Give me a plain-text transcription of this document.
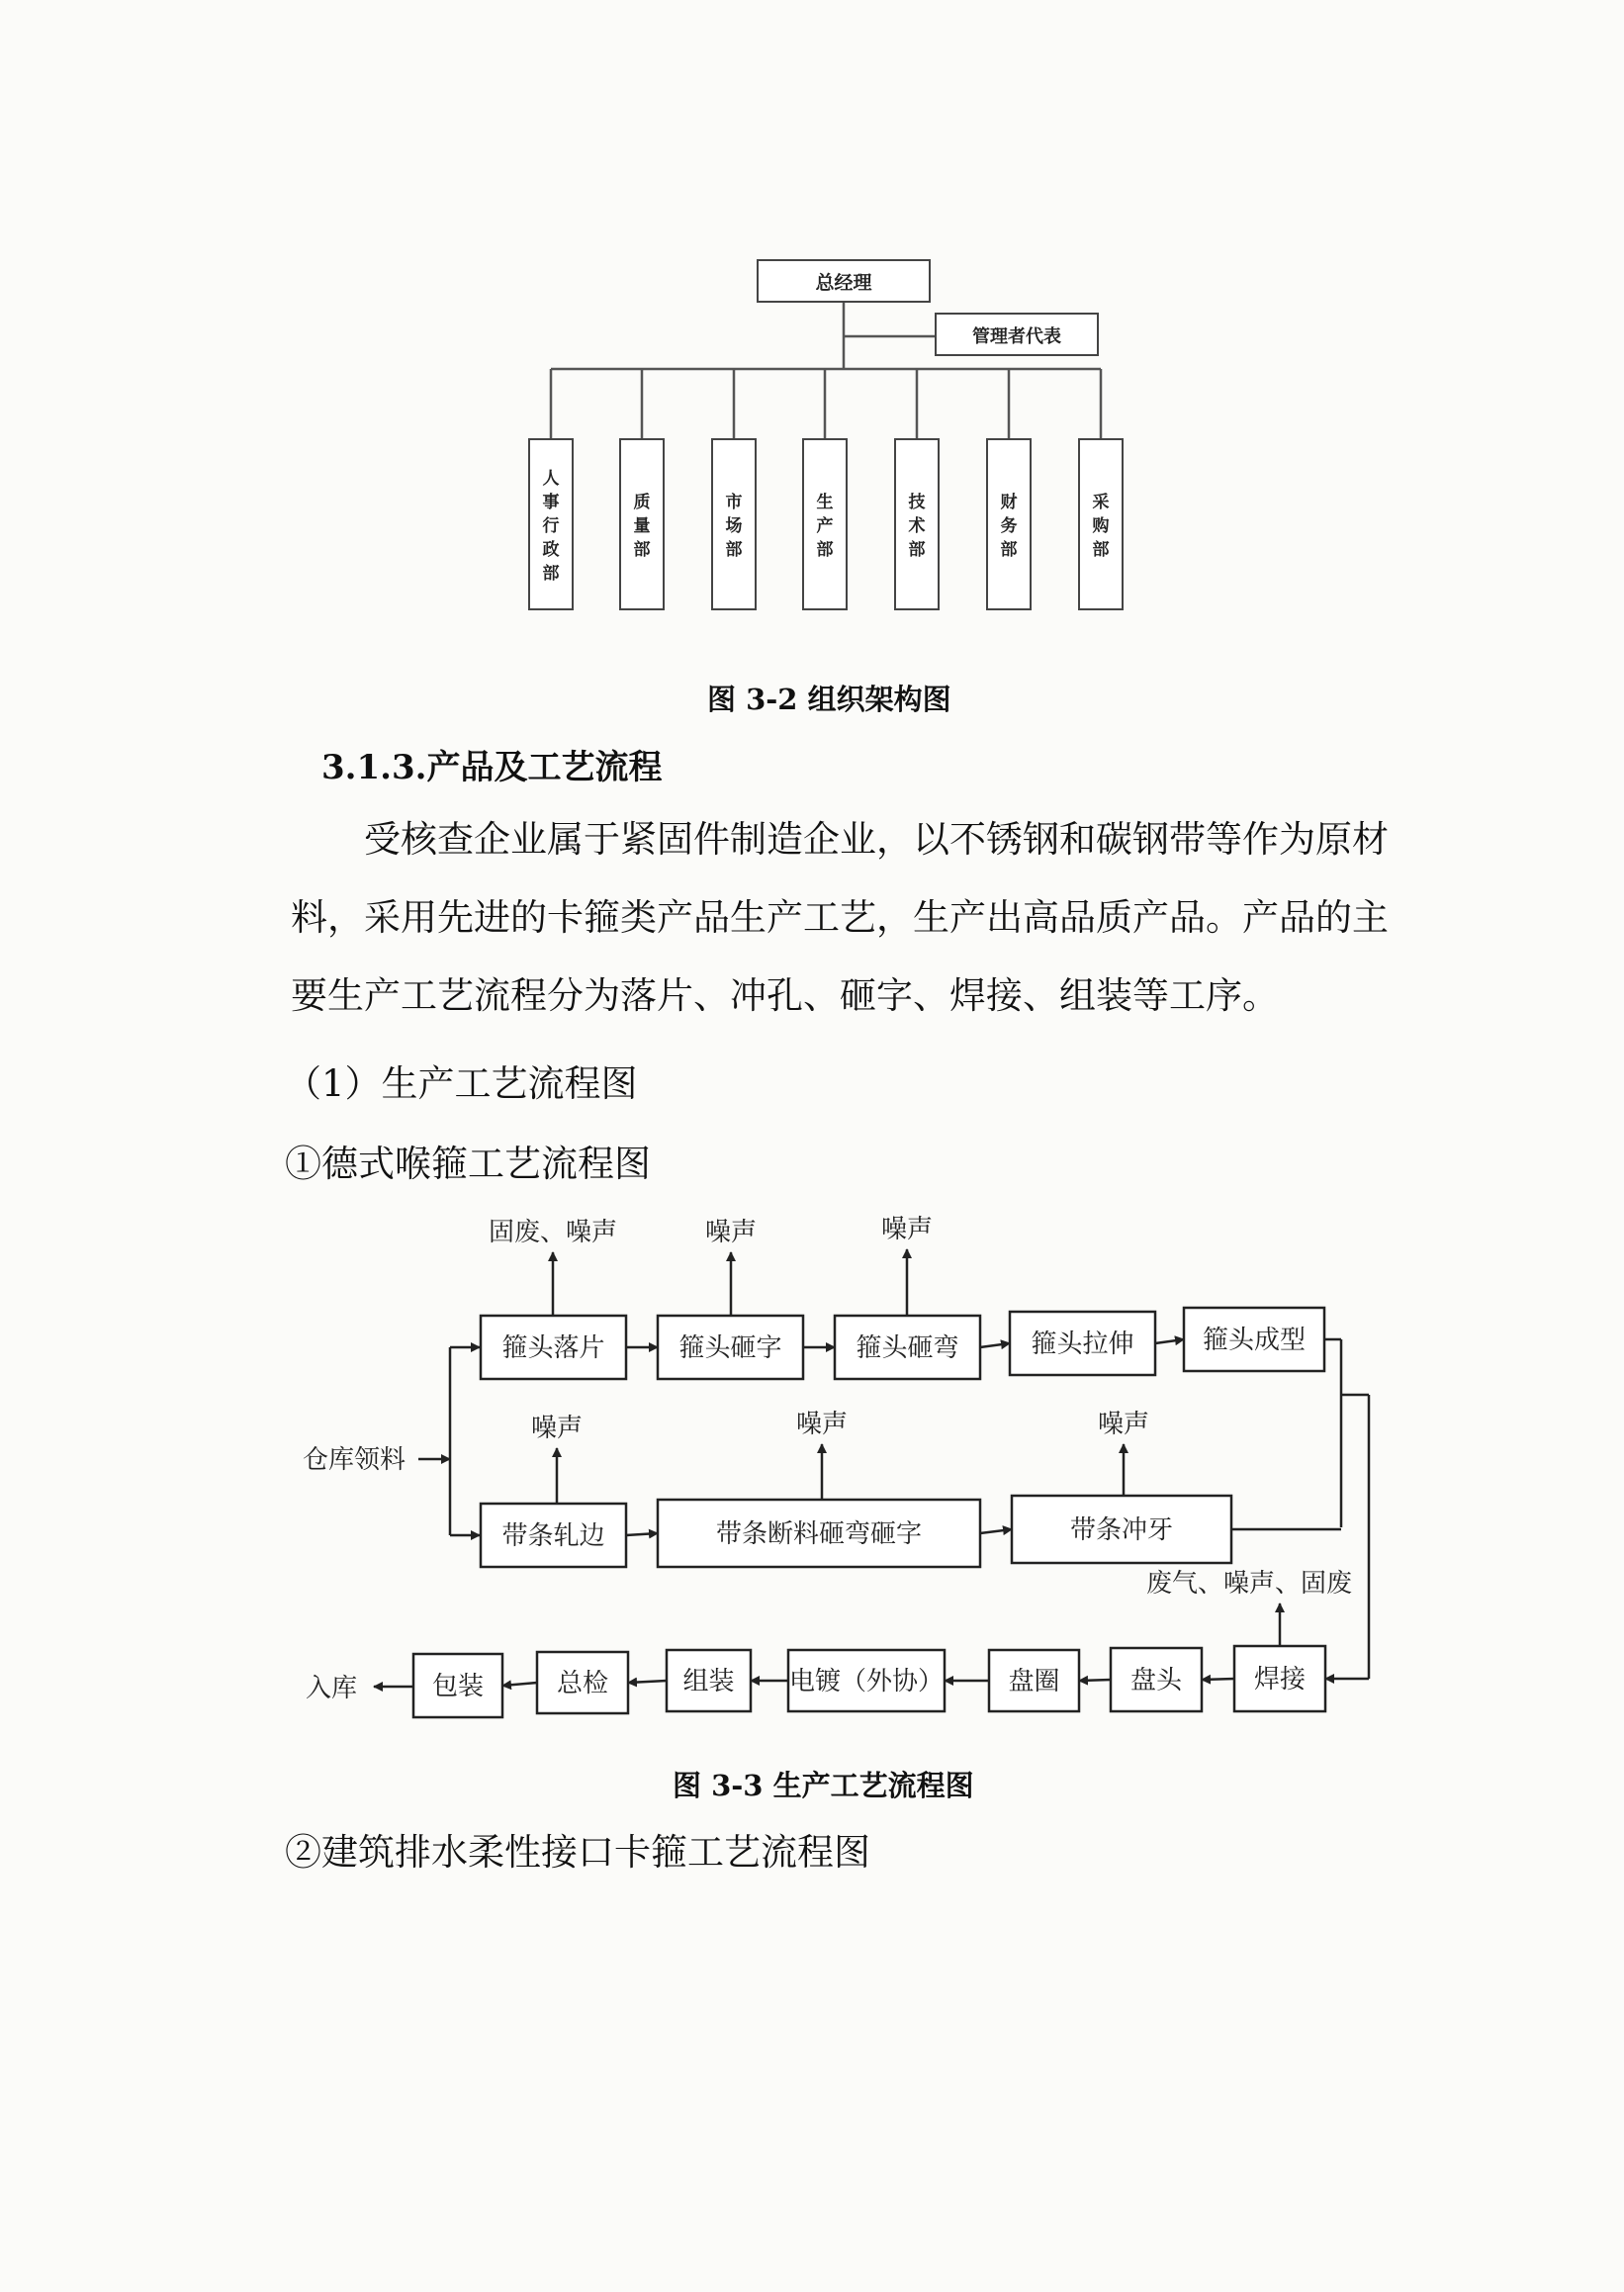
总经理
管理者代表
人
事
行
政
部
质
量
部
市
场
部
生
产
部
技
术
部
财
务
部
采
购
部
图 3-2 组织架构图
3.1.3.产品及工艺流程
受核查企业属于紧固件制造企业，以不锈钢和碳钢带等作为原材
料，采用先进的卡箍类产品生产工艺，生产出高品质产品。产品的主
要生产工艺流程分为落片、冲孔、砸字、焊接、组装等工序。
（1）生产工艺流程图
①德式喉箍工艺流程图
仓库领料
箍头落片	箍头砸字	箍头砸弯	箍头拉伸	箍头成型
固废、噪声	噪声	噪声
带条轧边	带条断料砸弯砸字	带条冲牙
噪声	噪声	噪声
焊接
盘头
盘圈
电镀（外协）
组装
总检
包装
废气、噪声、固废
入库
图 3-3 生产工艺流程图
②建筑排水柔性接口卡箍工艺流程图
